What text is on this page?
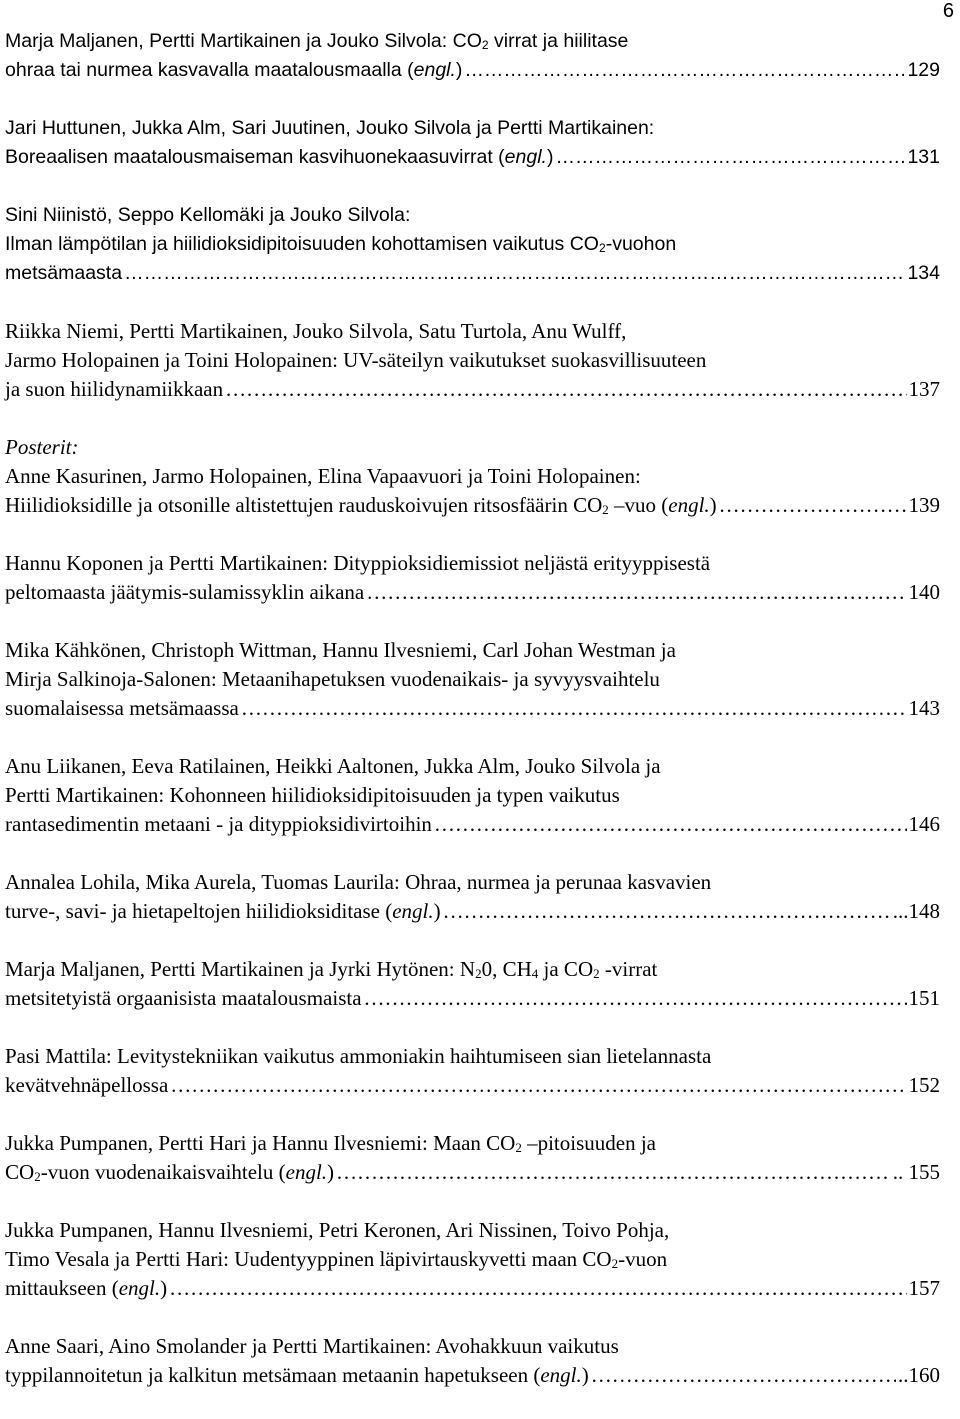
6
Marja Maljanen, Pertti Martikainen ja Jouko Silvola: $CO_2$ virrat ja hiilitase
ohraa tai nurmea kasvavalla maatalousmaalla (engl.) ………………………………………………………………………………………………………………………………………………	129
Jari Huttunen, Jukka Alm, Sari Juutinen, Jouko Silvola ja Pertti Martikainen:
Boreaalisen maatalousmaiseman kasvihuonekaasuvirrat (engl.) ………………………………………………………………………………………………………………………………………………	131
Sini Niinistö, Seppo Kellomäki ja Jouko Silvola:
Ilman lämpötilan ja hiilidioksidipitoisuuden kohottamisen vaikutus $CO_2$-vuohon
metsämaasta ………………………………………………………………………………………………………………………………………………	134
Riikka Niemi, Pertti Martikainen, Jouko Silvola, Satu Turtola, Anu Wulff,
Jarmo Holopainen ja Toini Holopainen: UV-säteilyn vaikutukset suokasvillisuuteen
ja suon hiilidynamiikkaan ………………………………………………………………………………………………………………………………………………	137
Posterit:
Anne Kasurinen, Jarmo Holopainen, Elina Vapaavuori ja Toini Holopainen:
Hiilidioksidille ja otsonille altistettujen rauduskoivujen ritsosfäärin $CO_2$ –vuo (engl.) ………………………………………………………………………………………………………………………………………………	139
Hannu Koponen ja Pertti Martikainen: Dityppioksidiemissiot neljästä erityyppisestä
peltomaasta jäätymis-sulamissyklin aikana ………………………………………………………………………………………………………………………………………………	140
Mika Kähkönen, Christoph Wittman, Hannu Ilvesniemi, Carl Johan Westman ja
Mirja Salkinoja-Salonen: Metaanihapetuksen vuodenaikais- ja syvyysvaihtelu
suomalaisessa metsämaassa ………………………………………………………………………………………………………………………………………………	143
Anu Liikanen, Eeva Ratilainen, Heikki Aaltonen, Jukka Alm, Jouko Silvola ja
Pertti Martikainen: Kohonneen hiilidioksidipitoisuuden ja typen vaikutus
rantasedimentin metaani - ja dityppioksidivirtoihin ………………………………………………………………………………………………………………………………………………	146
Annalea Lohila, Mika Aurela, Tuomas Laurila: Ohraa, nurmea ja perunaa kasvavien
turve-, savi- ja hietapeltojen hiilidioksiditase (engl.) ………………………………………………………………………………………………………………………………………………	...148
Marja Maljanen, Pertti Martikainen ja Jyrki Hytönen: $N_20$, $CH_4$ ja $CO_2$ -virrat
metsitetyistä orgaanisista maatalousmaista ………………………………………………………………………………………………………………………………………………	151
Pasi Mattila: Levitystekniikan vaikutus ammoniakin haihtumiseen sian lietelannasta
kevätvehnäpellossa ………………………………………………………………………………………………………………………………………………	152
Jukka Pumpanen, Pertti Hari ja Hannu Ilvesniemi: Maan $CO_2$ –pitoisuuden ja
$CO_2$-vuon vuodenaikaisvaihtelu (engl.) ………………………………………………………………………………………………………………………………………………	.. 155
Jukka Pumpanen, Hannu Ilvesniemi, Petri Keronen, Ari Nissinen, Toivo Pohja,
Timo Vesala ja Pertti Hari: Uudentyyppinen läpivirtauskyvetti maan $CO_2$-vuon
mittaukseen (engl.) ………………………………………………………………………………………………………………………………………………	157
Anne Saari, Aino Smolander ja Pertti Martikainen: Avohakkuun vaikutus
typpilannoitetun ja kalkitun metsämaan metaanin hapetukseen (engl.) ………………………………………………………………………………………………………………………………………………	..160
